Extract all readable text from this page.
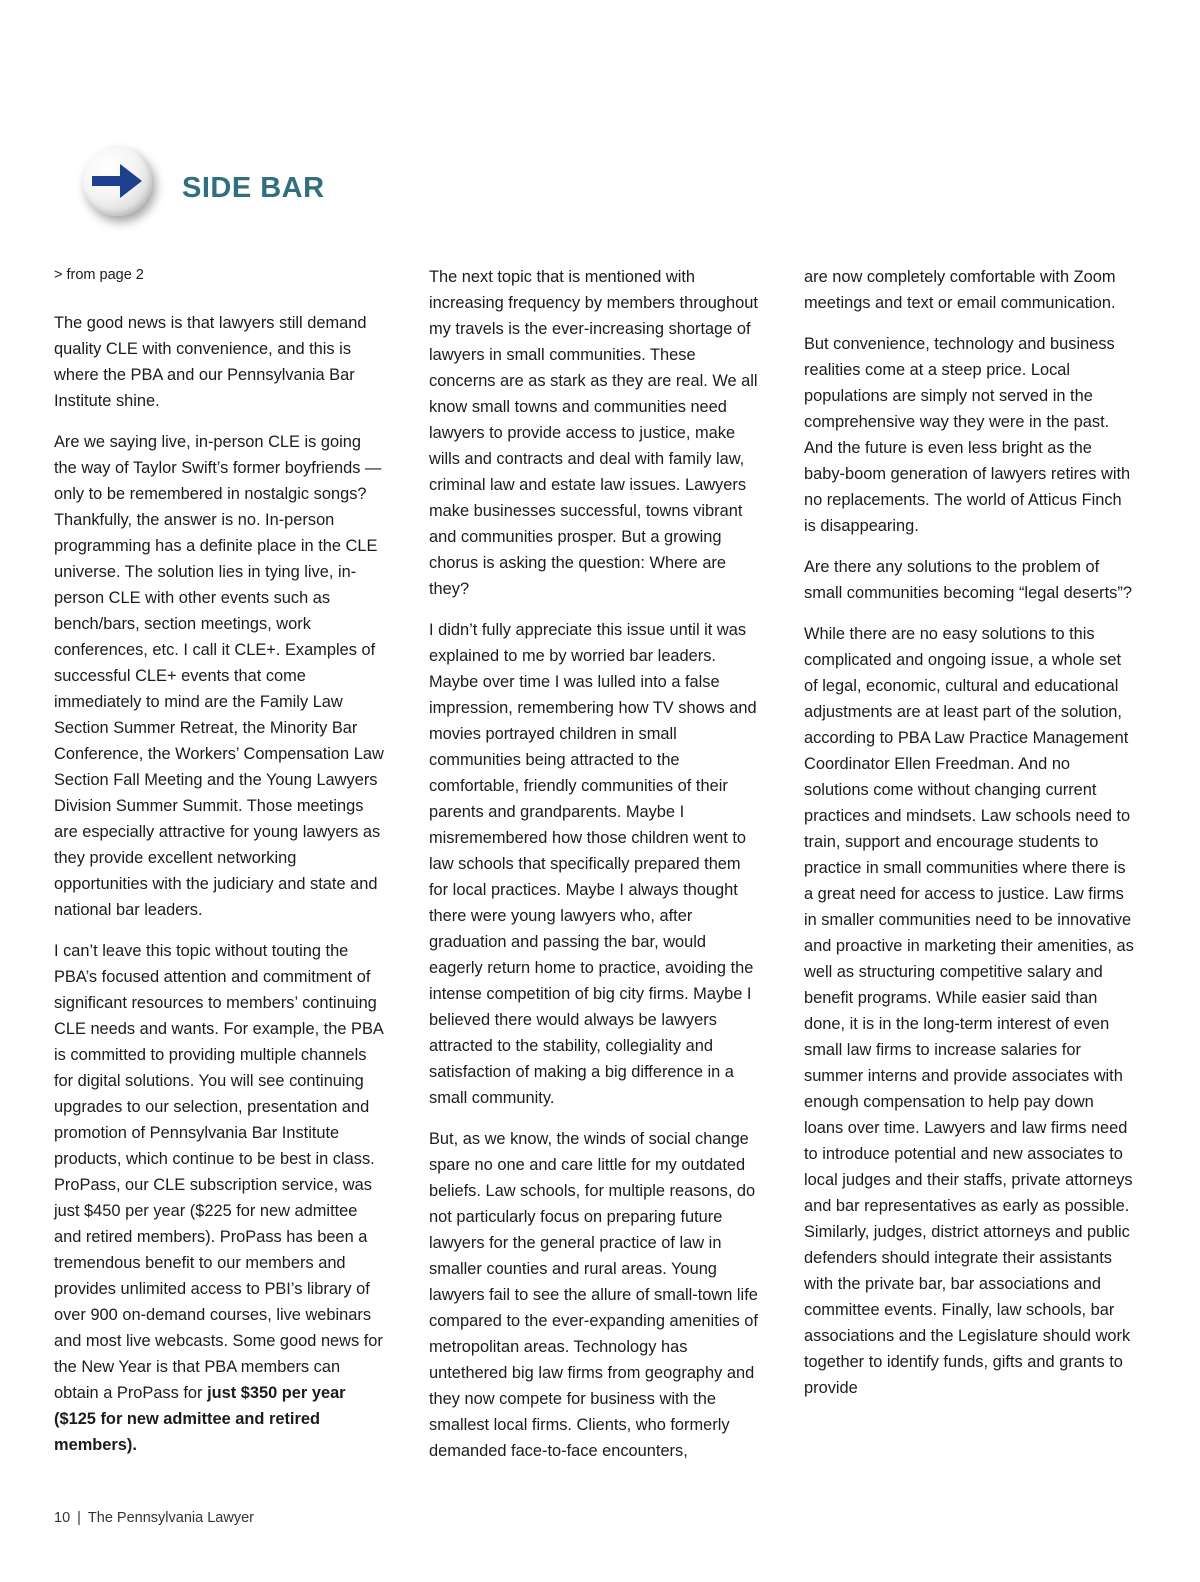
SIDE BAR

> from page 2

The good news is that lawyers still demand quality CLE with convenience, and this is where the PBA and our Pennsylvania Bar Institute shine.

Are we saying live, in-person CLE is going the way of Taylor Swift’s former boyfriends — only to be remembered in nostalgic songs? Thankfully, the answer is no. In-person programming has a definite place in the CLE universe. The solution lies in tying live, in-person CLE with other events such as bench/bars, section meetings, work conferences, etc. I call it CLE+. Examples of successful CLE+ events that come immediately to mind are the Family Law Section Summer Retreat, the Minority Bar Conference, the Workers’ Compensation Law Section Fall Meeting and the Young Lawyers Division Summer Summit. Those meetings are especially attractive for young lawyers as they provide excellent networking opportunities with the judiciary and state and national bar leaders.

I can’t leave this topic without touting the PBA’s focused attention and commitment of significant resources to members’ continuing CLE needs and wants. For example, the PBA is committed to providing multiple channels for digital solutions. You will see continuing upgrades to our selection, presentation and promotion of Pennsylvania Bar Institute products, which continue to be best in class. ProPass, our CLE subscription service, was just $450 per year ($225 for new admittee and retired members). ProPass has been a tremendous benefit to our members and provides unlimited access to PBI’s library of over 900 on-demand courses, live webinars and most live webcasts. Some good news for the New Year is that PBA members can obtain a ProPass for just $350 per year ($125 for new admittee and retired members).

The next topic that is mentioned with increasing frequency by members throughout my travels is the ever-increasing shortage of lawyers in small communities. These concerns are as stark as they are real. We all know small towns and communities need lawyers to provide access to justice, make wills and contracts and deal with family law, criminal law and estate law issues. Lawyers make businesses successful, towns vibrant and communities prosper. But a growing chorus is asking the question: Where are they?

I didn’t fully appreciate this issue until it was explained to me by worried bar leaders. Maybe over time I was lulled into a false impression, remembering how TV shows and movies portrayed children in small communities being attracted to the comfortable, friendly communities of their parents and grandparents. Maybe I misremembered how those children went to law schools that specifically prepared them for local practices. Maybe I always thought there were young lawyers who, after graduation and passing the bar, would eagerly return home to practice, avoiding the intense competition of big city firms. Maybe I believed there would always be lawyers attracted to the stability, collegiality and satisfaction of making a big difference in a small community.

But, as we know, the winds of social change spare no one and care little for my outdated beliefs. Law schools, for multiple reasons, do not particularly focus on preparing future lawyers for the general practice of law in smaller counties and rural areas. Young lawyers fail to see the allure of small-town life compared to the ever-expanding amenities of metropolitan areas. Technology has untethered big law firms from geography and they now compete for business with the smallest local firms. Clients, who formerly demanded face-to-face encounters,

are now completely comfortable with Zoom meetings and text or email communication.

But convenience, technology and business realities come at a steep price. Local populations are simply not served in the comprehensive way they were in the past. And the future is even less bright as the baby-boom generation of lawyers retires with no replacements. The world of Atticus Finch is disappearing.

Are there any solutions to the problem of small communities becoming “legal deserts”?

While there are no easy solutions to this complicated and ongoing issue, a whole set of legal, economic, cultural and educational adjustments are at least part of the solution, according to PBA Law Practice Management Coordinator Ellen Freedman. And no solutions come without changing current practices and mindsets. Law schools need to train, support and encourage students to practice in small communities where there is a great need for access to justice. Law firms in smaller communities need to be innovative and proactive in marketing their amenities, as well as structuring competitive salary and benefit programs. While easier said than done, it is in the long-term interest of even small law firms to increase salaries for summer interns and provide associates with enough compensation to help pay down loans over time. Lawyers and law firms need to introduce potential and new associates to local judges and their staffs, private attorneys and bar representatives as early as possible. Similarly, judges, district attorneys and public defenders should integrate their assistants with the private bar, bar associations and committee events. Finally, law schools, bar associations and the Legislature should work together to identify funds, gifts and grants to provide

10 | The Pennsylvania Lawyer
